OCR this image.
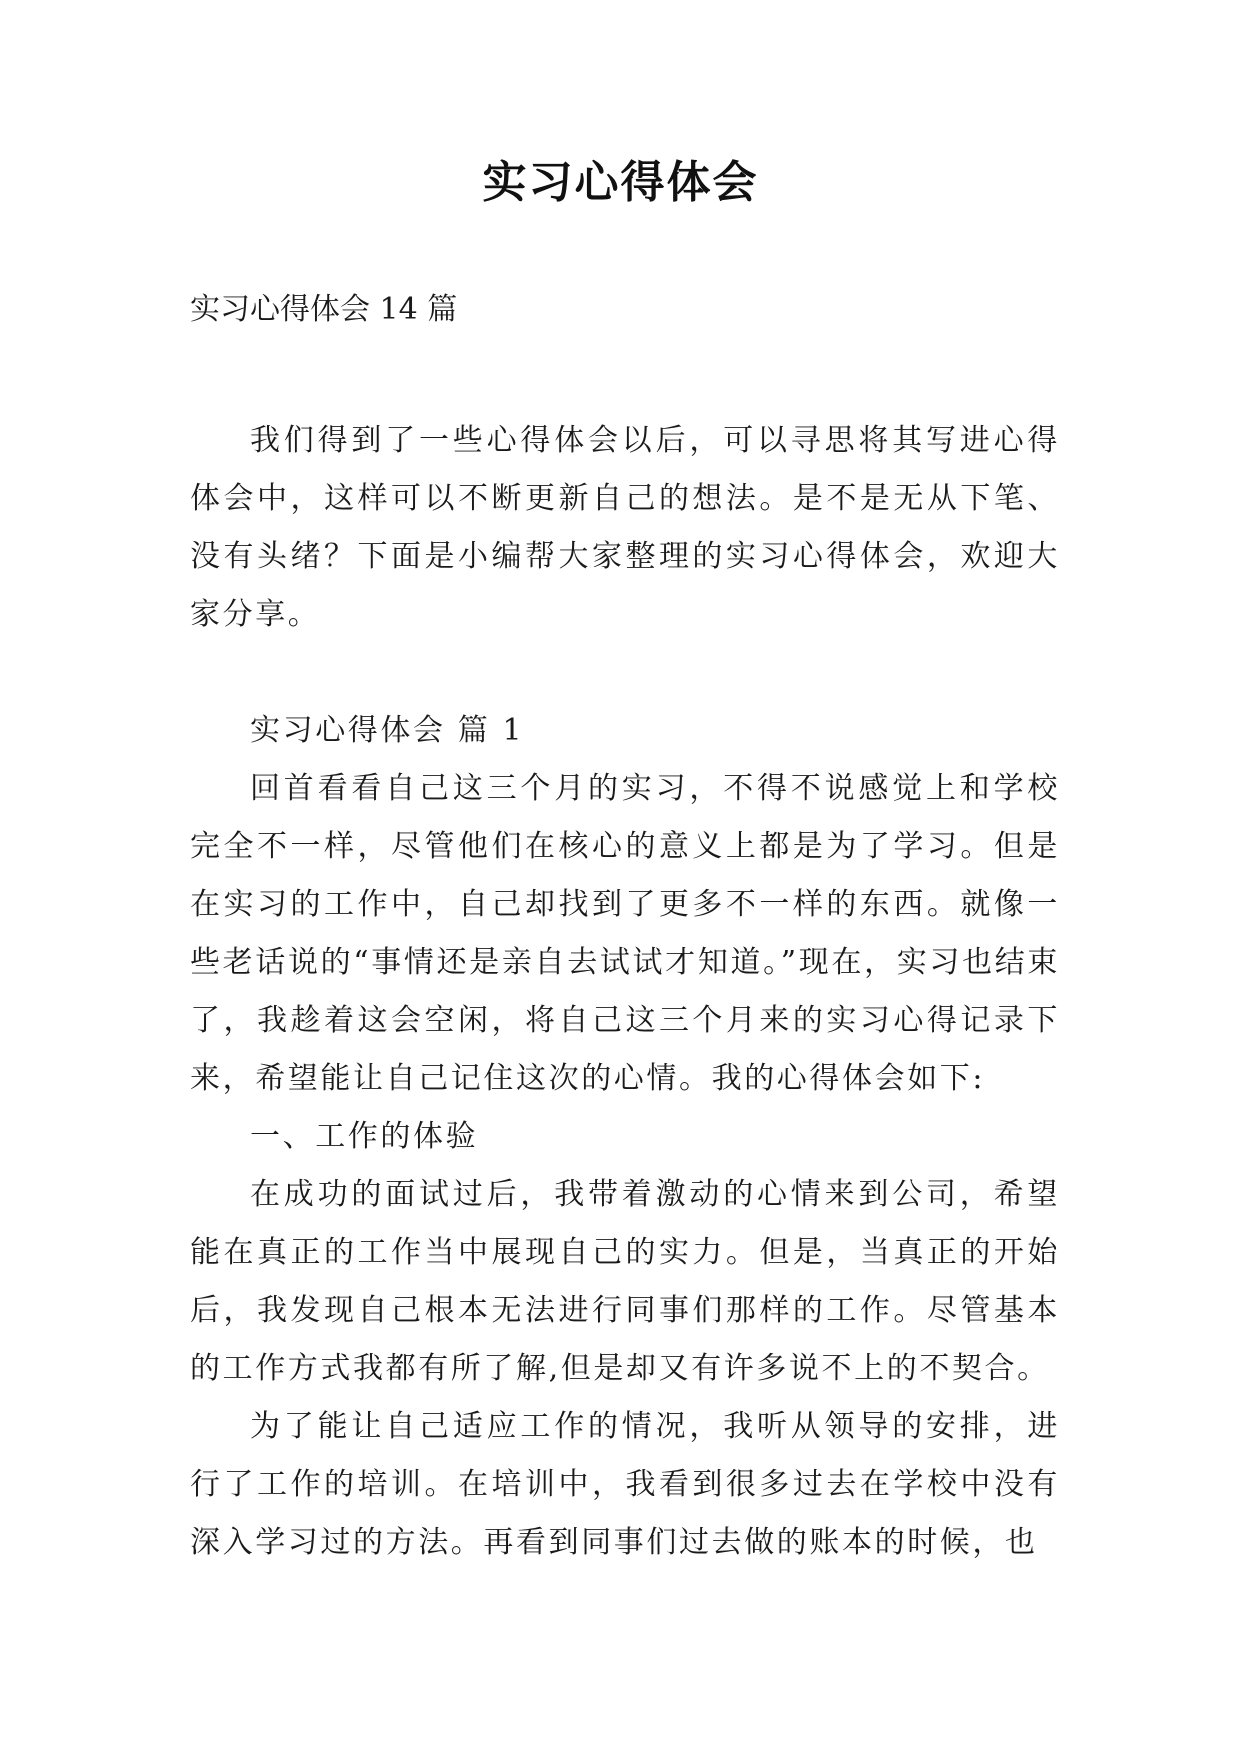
实习心得体会

实习心得体会 14 篇

我们得到了一些心得体会以后，可以寻思将其写进心得体会中，这样可以不断更新自己的想法。是不是无从下笔、没有头绪？下面是小编帮大家整理的实习心得体会，欢迎大家分享。

实习心得体会 篇 1

回首看看自己这三个月的实习，不得不说感觉上和学校完全不一样，尽管他们在核心的意义上都是为了学习。但是在实习的工作中，自己却找到了更多不一样的东西。就像一些老话说的“事情还是亲自去试试才知道。”现在，实习也结束了，我趁着这会空闲，将自己这三个月来的实习心得记录下来，希望能让自己记住这次的心情。我的心得体会如下:

一、工作的体验

在成功的面试过后，我带着激动的心情来到公司，希望能在真正的工作当中展现自己的实力。但是，当真正的开始后，我发现自己根本无法进行同事们那样的工作。尽管基本的工作方式我都有所了解,但是却又有许多说不上的不契合。

为了能让自己适应工作的情况，我听从领导的安排，进行了工作的培训。在培训中，我看到很多过去在学校中没有深入学习过的方法。再看到同事们过去做的账本的时候，也
